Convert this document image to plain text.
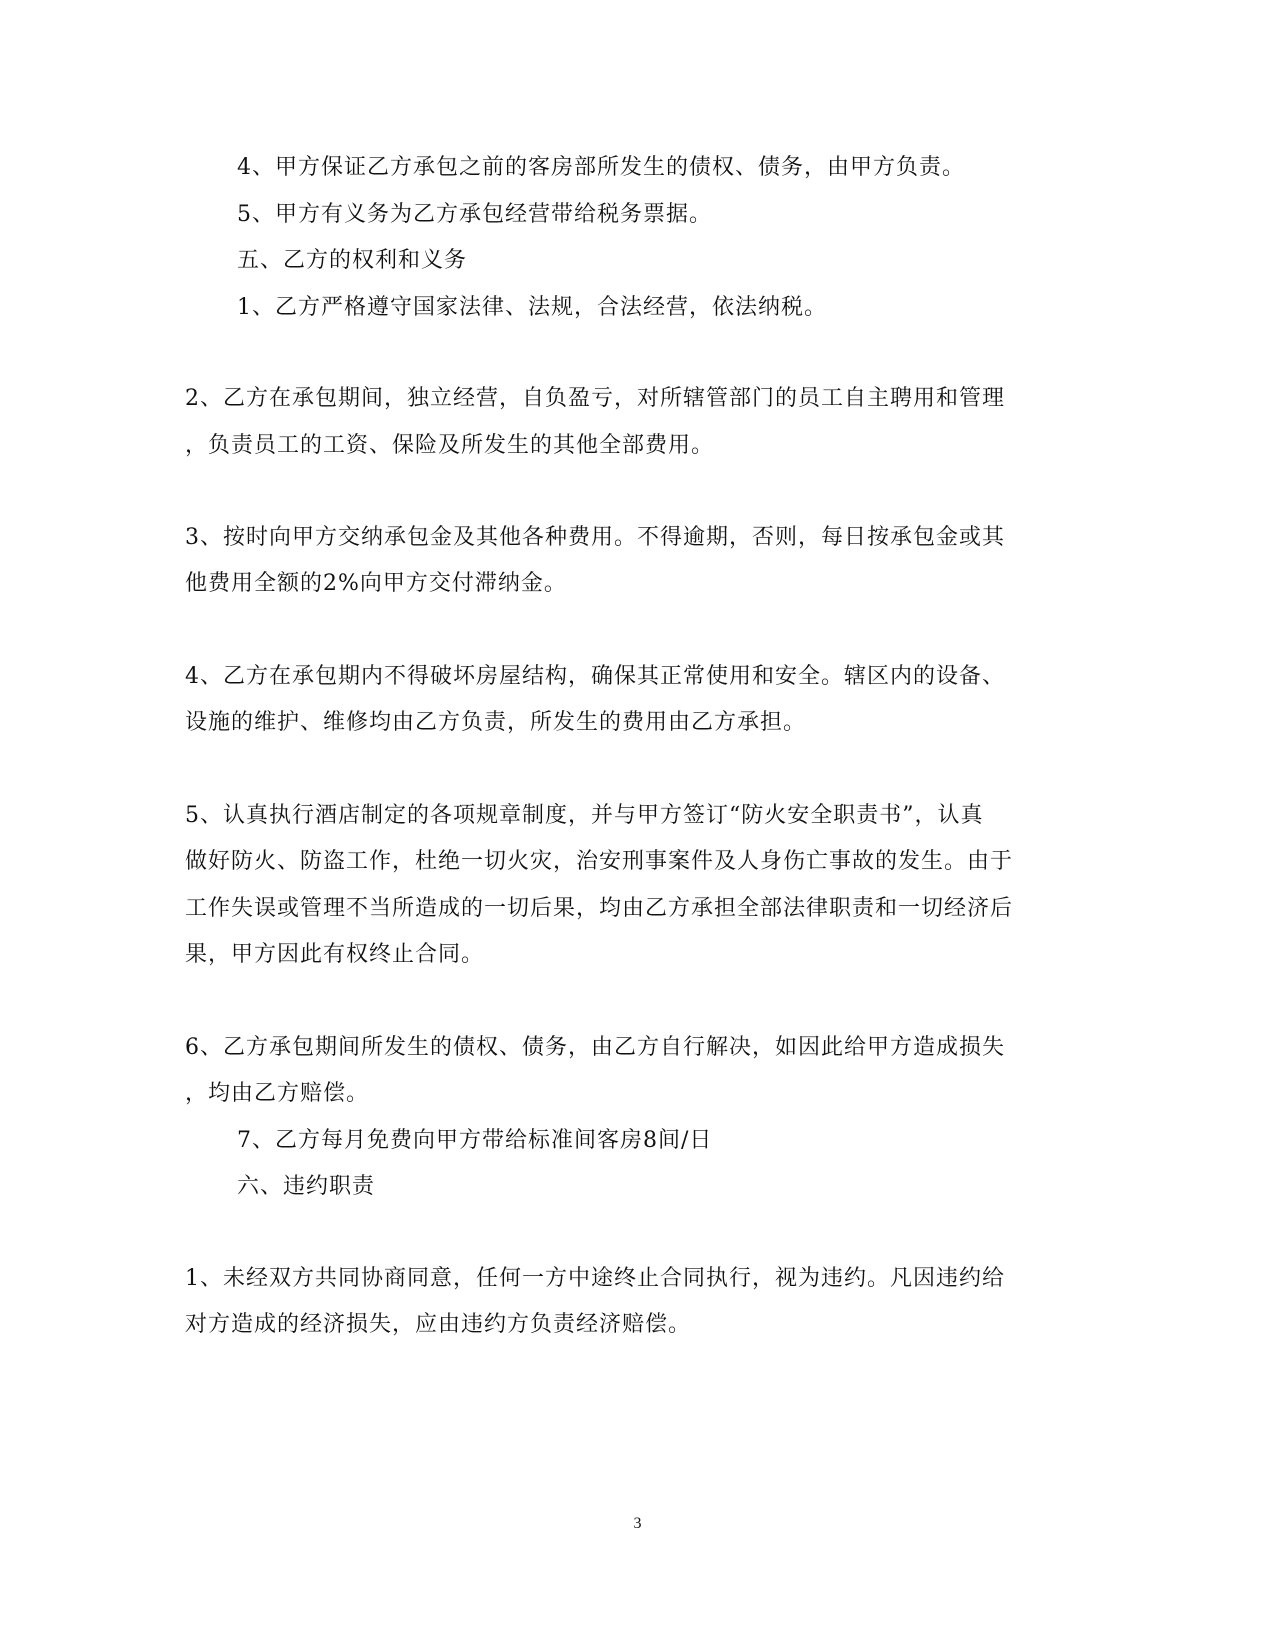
4、甲方保证乙方承包之前的客房部所发生的债权、债务，由甲方负责。
5、甲方有义务为乙方承包经营带给税务票据。
五、乙方的权利和义务
1、乙方严格遵守国家法律、法规，合法经营，依法纳税。
2、乙方在承包期间，独立经营，自负盈亏，对所辖管部门的员工自主聘用和管理
，负责员工的工资、保险及所发生的其他全部费用。
3、按时向甲方交纳承包金及其他各种费用。不得逾期，否则，每日按承包金或其
他费用全额的2%向甲方交付滞纳金。
4、乙方在承包期内不得破坏房屋结构，确保其正常使用和安全。辖区内的设备、
设施的维护、维修均由乙方负责，所发生的费用由乙方承担。
5、认真执行酒店制定的各项规章制度，并与甲方签订“防火安全职责书”，认真
做好防火、防盗工作，杜绝一切火灾，治安刑事案件及人身伤亡事故的发生。由于
工作失误或管理不当所造成的一切后果，均由乙方承担全部法律职责和一切经济后
果，甲方因此有权终止合同。
6、乙方承包期间所发生的债权、债务，由乙方自行解决，如因此给甲方造成损失
，均由乙方赔偿。
7、乙方每月免费向甲方带给标准间客房8间/日
六、违约职责
1、未经双方共同协商同意，任何一方中途终止合同执行，视为违约。凡因违约给
对方造成的经济损失，应由违约方负责经济赔偿。
3
